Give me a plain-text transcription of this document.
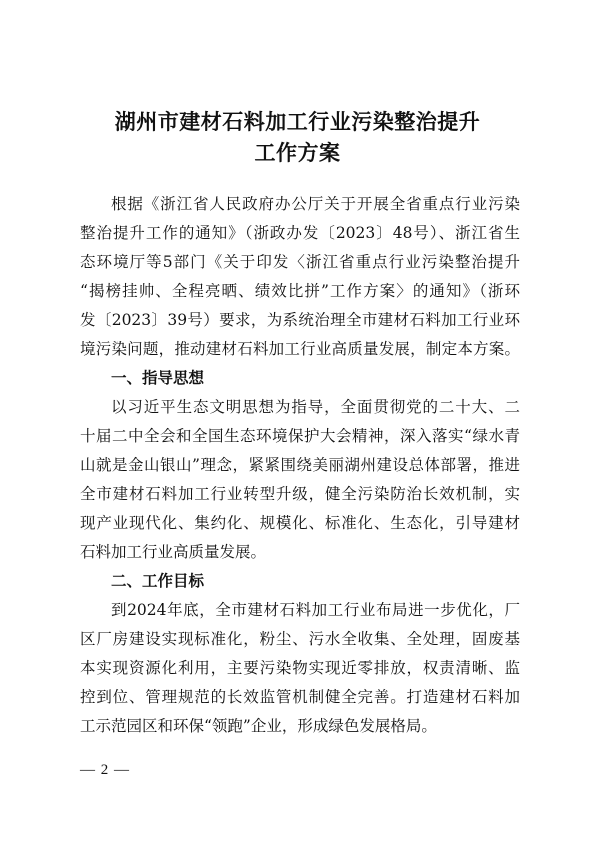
湖州市建材石料加工行业污染整治提升
工作方案
根据《浙江省人民政府办公厅关于开展全省重点行业污染
整治提升工作的通知》（浙政办发〔2023〕48号）、浙江省生
态环境厅等5部门《关于印发〈浙江省重点行业污染整治提升
“揭榜挂帅、全程亮晒、绩效比拼”工作方案〉的通知》（浙环
发〔2023〕39号）要求，为系统治理全市建材石料加工行业环
境污染问题，推动建材石料加工行业高质量发展，制定本方案。
一、指导思想
以习近平生态文明思想为指导，全面贯彻党的二十大、二
十届二中全会和全国生态环境保护大会精神，深入落实“绿水青
山就是金山银山”理念，紧紧围绕美丽湖州建设总体部署，推进
全市建材石料加工行业转型升级，健全污染防治长效机制，实
现产业现代化、集约化、规模化、标准化、生态化，引导建材
石料加工行业高质量发展。
二、工作目标
到2024年底，全市建材石料加工行业布局进一步优化，厂
区厂房建设实现标准化，粉尘、污水全收集、全处理，固废基
本实现资源化利用，主要污染物实现近零排放，权责清晰、监
控到位、管理规范的长效监管机制健全完善。打造建材石料加
工示范园区和环保“领跑”企业，形成绿色发展格局。
— 2 —
